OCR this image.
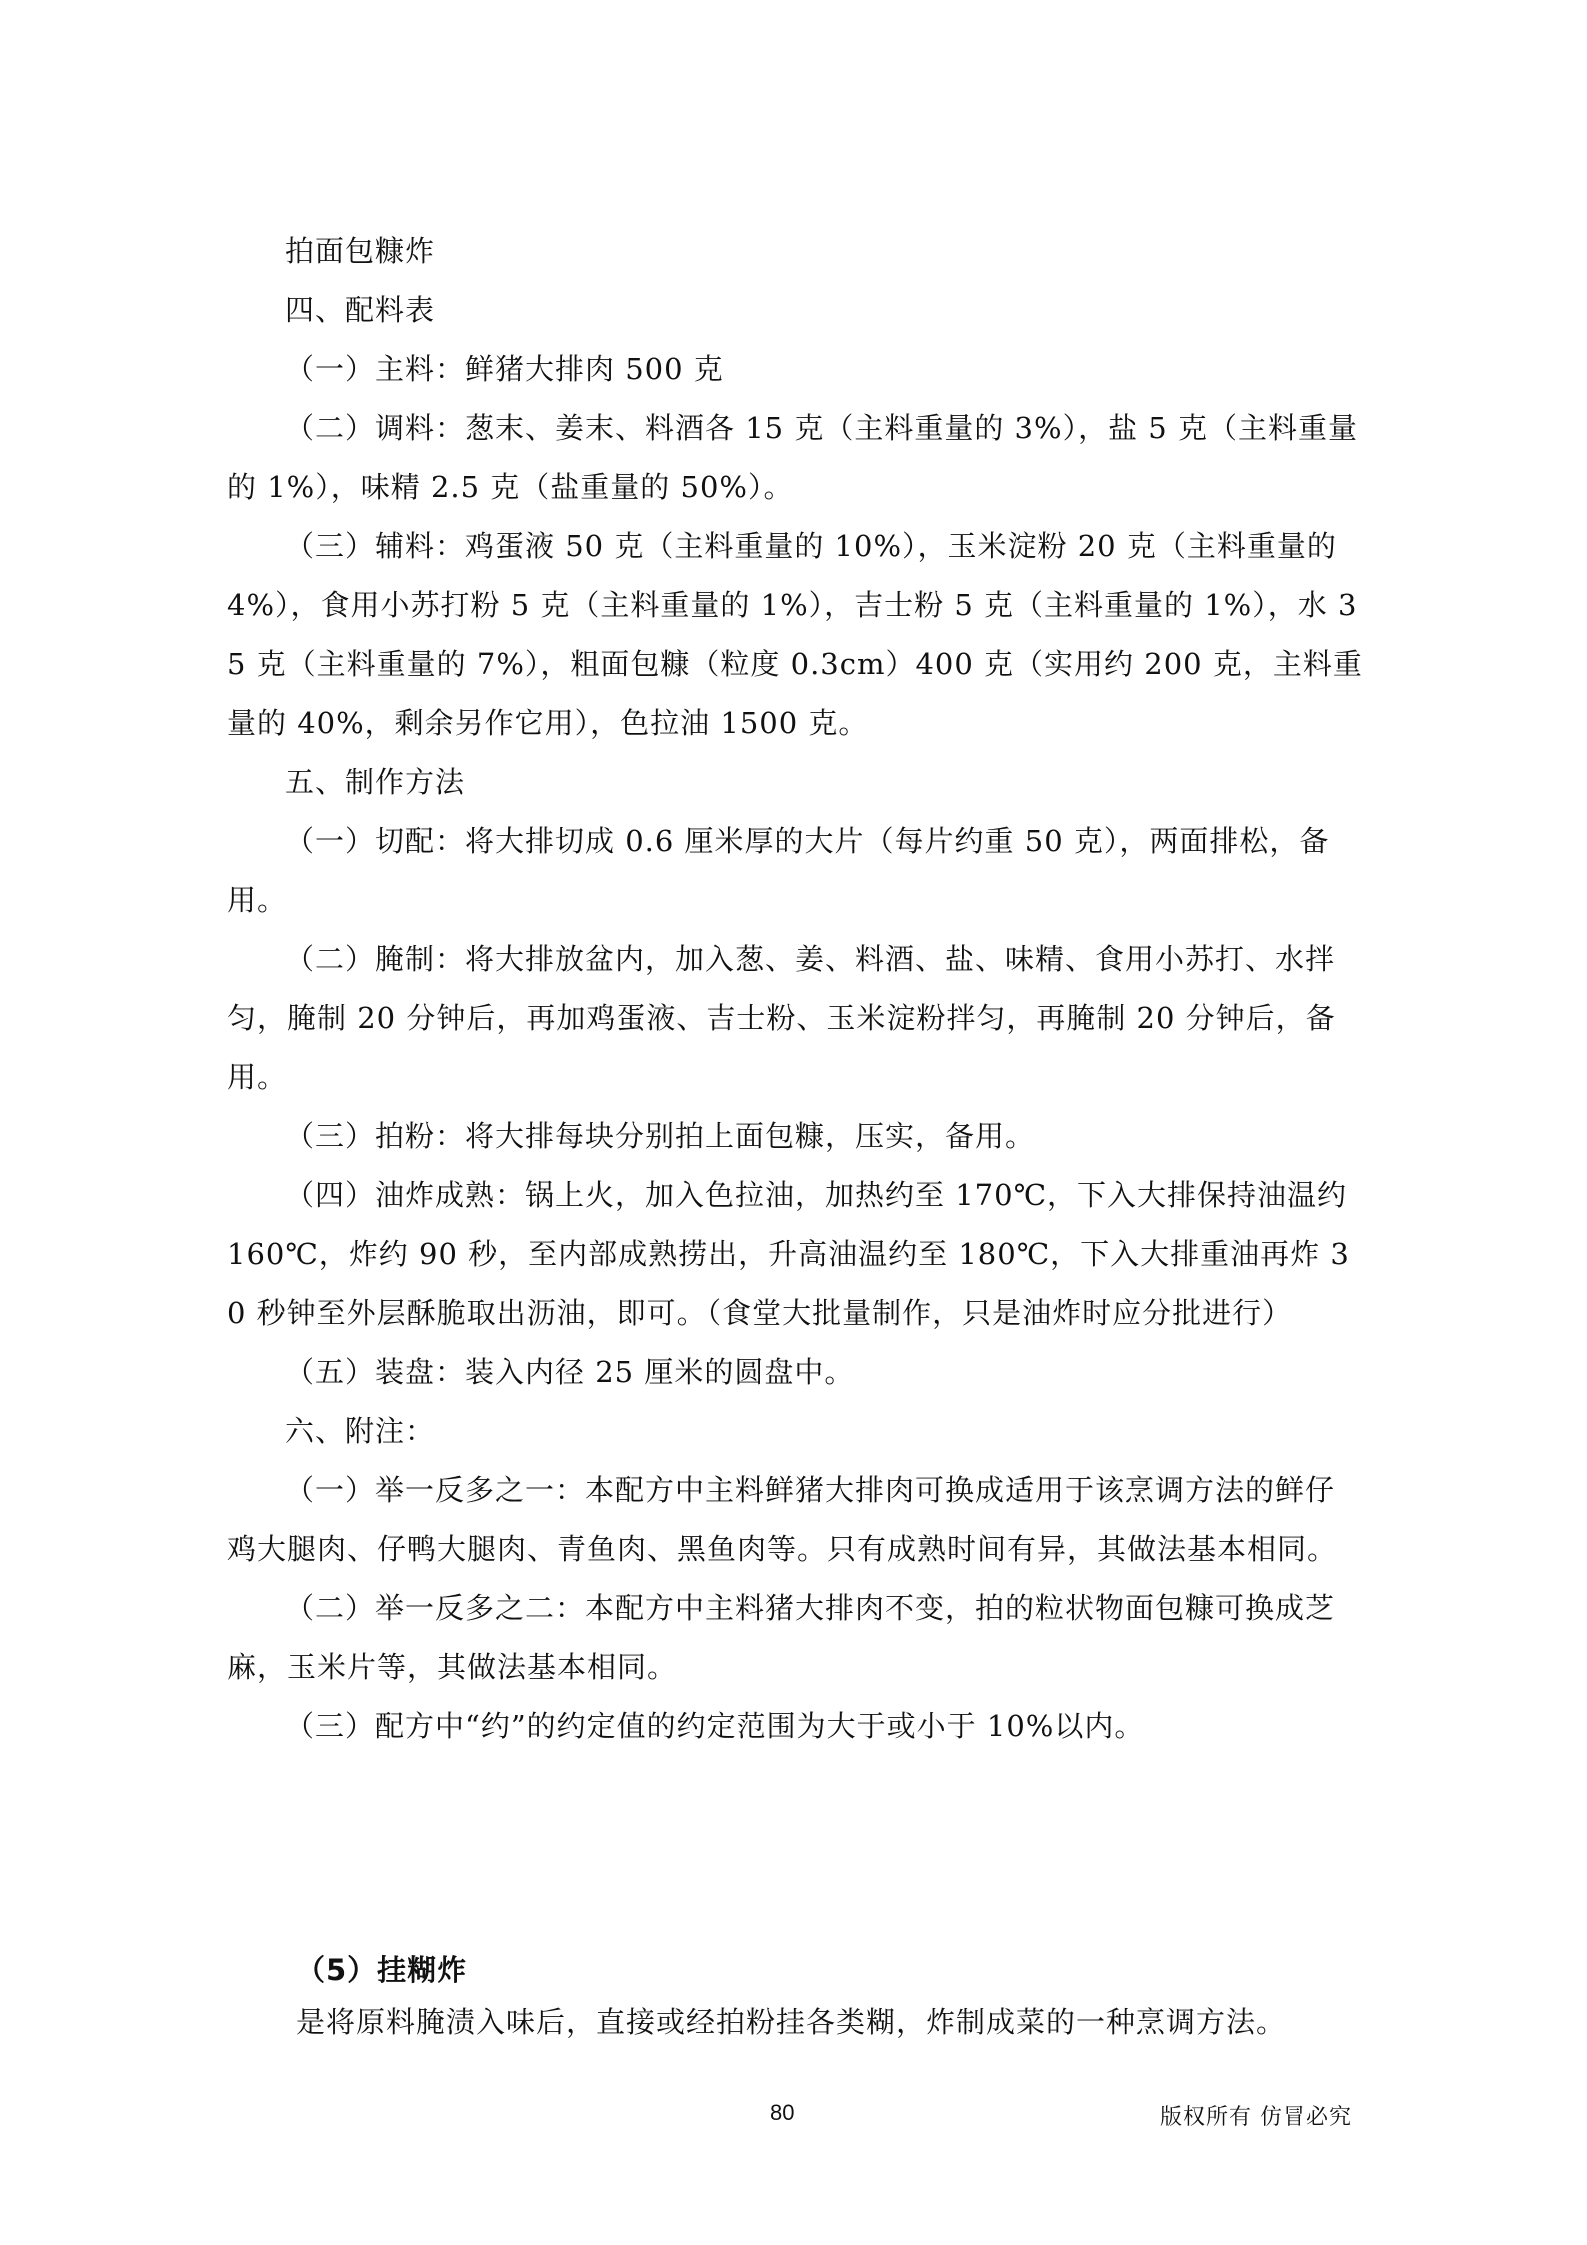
拍面包糠炸

四、配料表

（一）主料：鲜猪大排肉 500 克

（二）调料：葱末、姜末、料酒各 15 克（主料重量的 3%），盐 5 克（主料重量的 1%），味精 2.5 克（盐重量的 50%）。

（三）辅料：鸡蛋液 50 克（主料重量的 10%），玉米淀粉 20 克（主料重量的 4%），食用小苏打粉 5 克（主料重量的 1%），吉士粉 5 克（主料重量的 1%），水 35 克（主料重量的 7%），粗面包糠（粒度 0.3cm）400 克（实用约 200 克，主料重量的 40%，剩余另作它用），色拉油 1500 克。

五、制作方法

（一）切配：将大排切成 0.6 厘米厚的大片（每片约重 50 克），两面排松，备用。

（二）腌制：将大排放盆内，加入葱、姜、料酒、盐、味精、食用小苏打、水拌匀，腌制 20 分钟后，再加鸡蛋液、吉士粉、玉米淀粉拌匀，再腌制 20 分钟后，备用。

（三）拍粉：将大排每块分别拍上面包糠，压实，备用。

（四）油炸成熟：锅上火，加入色拉油，加热约至 170℃，下入大排保持油温约 160℃，炸约 90 秒，至内部成熟捞出，升高油温约至 180℃，下入大排重油再炸 30 秒钟至外层酥脆取出沥油，即可。（食堂大批量制作，只是油炸时应分批进行）

（五）装盘：装入内径 25 厘米的圆盘中。

六、附注：

（一）举一反多之一：本配方中主料鲜猪大排肉可换成适用于该烹调方法的鲜仔鸡大腿肉、仔鸭大腿肉、青鱼肉、黑鱼肉等。只有成熟时间有异，其做法基本相同。

（二）举一反多之二：本配方中主料猪大排肉不变，拍的粒状物面包糠可换成芝麻，玉米片等，其做法基本相同。

（三）配方中“约”的约定值的约定范围为大于或小于 10%以内。

（5）挂糊炸
是将原料腌渍入味后，直接或经拍粉挂各类糊，炸制成菜的一种烹调方法。
80	版权所有 仿冒必究
